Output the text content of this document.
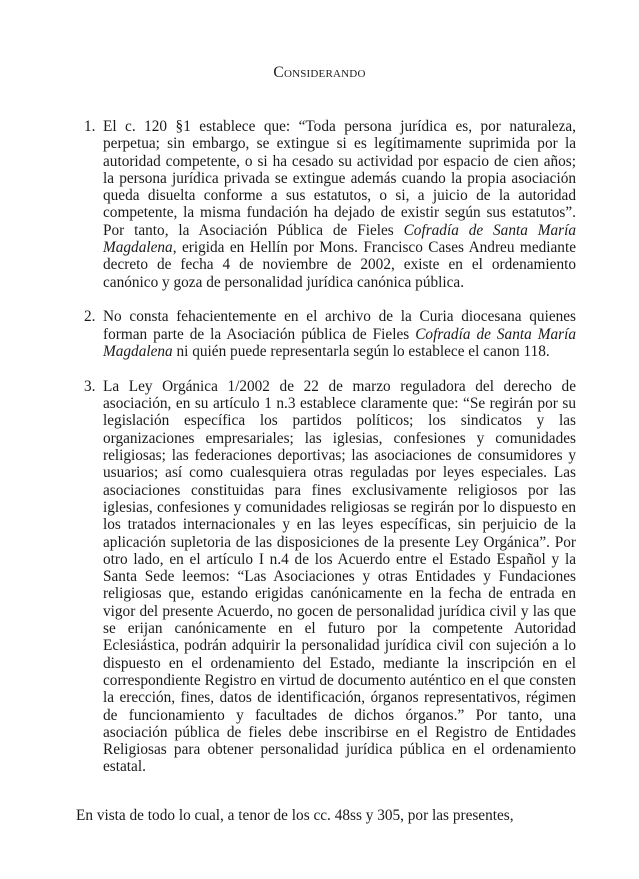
Considerando
1. El c. 120 §1 establece que: “Toda persona jurídica es, por naturaleza, perpetua; sin embargo, se extingue si es legítimamente suprimida por la autoridad competente, o si ha cesado su actividad por espacio de cien años; la persona jurídica privada se extingue además cuando la propia asociación queda disuelta conforme a sus estatutos, o si, a juicio de la autoridad competente, la misma fundación ha dejado de existir según sus estatutos”. Por tanto, la Asociación Pública de Fieles Cofradía de Santa María Magdalena, erigida en Hellín por Mons. Francisco Cases Andreu mediante decreto de fecha 4 de noviembre de 2002, existe en el ordenamiento canónico y goza de personalidad jurídica canónica pública.
2. No consta fehacientemente en el archivo de la Curia diocesana quienes forman parte de la Asociación pública de Fieles Cofradía de Santa María Magdalena ni quién puede representarla según lo establece el canon 118.
3. La Ley Orgánica 1/2002 de 22 de marzo reguladora del derecho de asociación, en su artículo 1 n.3 establece claramente que: “Se regirán por su legislación específica los partidos políticos; los sindicatos y las organizaciones empresariales; las iglesias, confesiones y comunidades religiosas; las federaciones deportivas; las asociaciones de consumidores y usuarios; así como cualesquiera otras reguladas por leyes especiales. Las asociaciones constituidas para fines exclusivamente religiosos por las iglesias, confesiones y comunidades religiosas se regirán por lo dispuesto en los tratados internacionales y en las leyes específicas, sin perjuicio de la aplicación supletoria de las disposiciones de la presente Ley Orgánica”. Por otro lado, en el artículo I n.4 de los Acuerdo entre el Estado Español y la Santa Sede leemos: “Las Asociaciones y otras Entidades y Fundaciones religiosas que, estando erigidas canónicamente en la fecha de entrada en vigor del presente Acuerdo, no gocen de personalidad jurídica civil y las que se erijan canónicamente en el futuro por la competente Autoridad Eclesiástica, podrán adquirir la personalidad jurídica civil con sujeción a lo dispuesto en el ordenamiento del Estado, mediante la inscripción en el correspondiente Registro en virtud de documento auténtico en el que consten la erección, fines, datos de identificación, órganos representativos, régimen de funcionamiento y facultades de dichos órganos.” Por tanto, una asociación pública de fieles debe inscribirse en el Registro de Entidades Religiosas para obtener personalidad jurídica pública en el ordenamiento estatal.
En vista de todo lo cual, a tenor de los cc. 48ss y 305, por las presentes,
